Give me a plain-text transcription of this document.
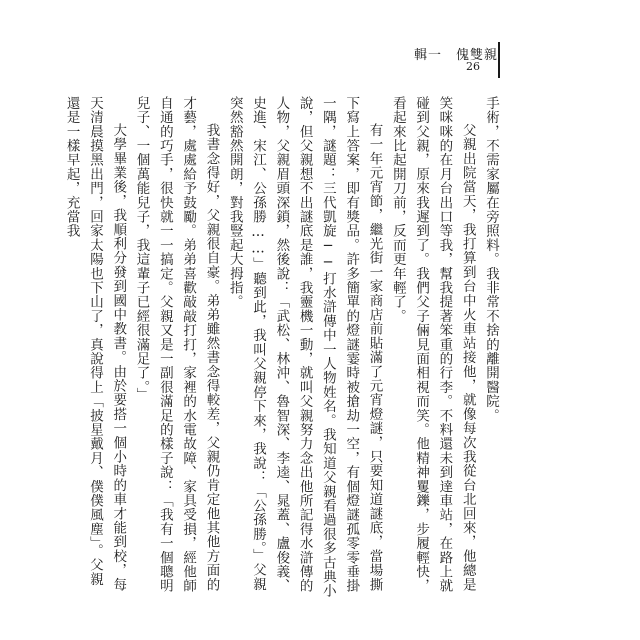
輯一　傀雙親
26

手術，不需家屬在旁照料。我非常不捨的離開醫院。

父親出院當天，我打算到台中火車站接他，就像每次我從台北回來，他總是笑咪咪的在月台出口等我，幫我提著笨重的行李。不料還未到達車站，在路上就碰到父親，原來我遲到了。我們父子倆見面相視而笑。他精神矍鑠，步履輕快，看起來比起開刀前，反而更年輕了。

有一年元宵節，繼光街一家商店前貼滿了元宵燈謎，只要知道謎底，當場撕下寫上答案，即有獎品。許多簡單的燈謎霎時被搶劫一空，有個燈謎孤零零垂掛一隅，謎題：三代凱旋──打水滸傳中一人物姓名。我知道父親看過很多古典小說，但父親想不出謎底是誰，我靈機一動，就叫父親努力念出他所記得水滸傳的人物，父親眉頭深鎖，然後說：「武松、林沖、魯智深、李逵、晁蓋、盧俊義、史進、宋江、公孫勝……」聽到此，我叫父親停下來，我說：「公孫勝。」父親突然豁然開朗，對我豎起大拇指。

我書念得好，父親很自豪。弟弟雖然書念得較差，父親仍肯定他其他方面的才藝，處處給予鼓勵。弟弟喜歡敲敲打打，家裡的水電故障、家具受損，經他師自通的巧手，很快就一一搞定。父親又是一副很滿足的樣子說：「我有一個聰明兒子、一個萬能兒子，我這輩子已經很滿足了。」

大學畢業後，我順利分發到國中教書。由於要搭一個小時的車才能到校，每天清晨摸黑出門，回家太陽也下山了，真說得上「披星戴月、僕僕風塵」。父親還是一樣早起，充當我
